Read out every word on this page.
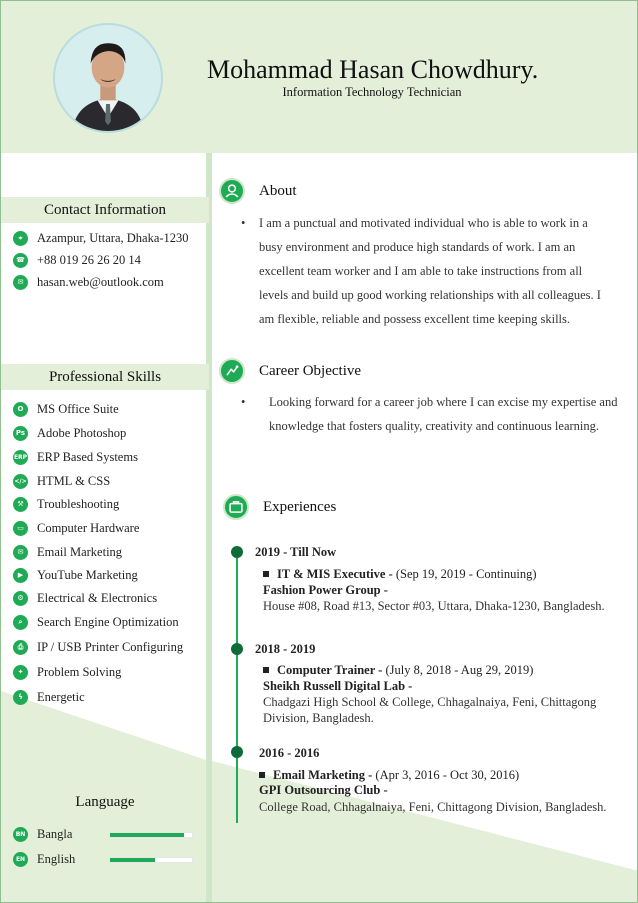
Mohammad Hasan Chowdhury.
Information Technology Technician
Contact Information
⌖	Azampur, Uttara, Dhaka-1230
☎ +88 019 26 26 20 14
✉	hasan.web@outlook.com
Professional Skills
O	MS Office Suite
Ps Adobe Photoshop
ERP ERP Based Systems
</> HTML & CSS
⚒	Troubleshooting
▭	Computer Hardware
✉	Email Marketing
▶	YouTube Marketing
⚙	Electrical & Electronics
⌕	Search Engine Optimization
⎙	IP / USB Printer Configuring
✦	Problem Solving
ϟ	Energetic
Language
BN Bangla
EN English
About
•	I am a punctual and motivated individual who is able to work in a busy environment and produce high standards of work. I am an excellent team worker and I am able to take instructions from all levels and build up good working relationships with all colleagues. I am flexible, reliable and possess excellent time keeping skills.
Career Objective
•	Looking forward for a career job where I can excise my expertise and knowledge that fosters quality, creativity and continuous learning.
Experiences
2019 - Till Now
IT & MIS Executive - (Sep 19, 2019 - Continuing)
Fashion Power Group -
House #08, Road #13, Sector #03, Uttara, Dhaka-1230, Bangladesh.
2018 - 2019
Computer Trainer - (July 8, 2018 - Aug 29, 2019)
Sheikh Russell Digital Lab -
Chadgazi High School & College, Chhagalnaiya, Feni, Chittagong Division, Bangladesh.
2016 - 2016
Email Marketing - (Apr 3, 2016 - Oct 30, 2016)
GPI Outsourcing Club -
College Road, Chhagalnaiya, Feni, Chittagong Division, Bangladesh.
